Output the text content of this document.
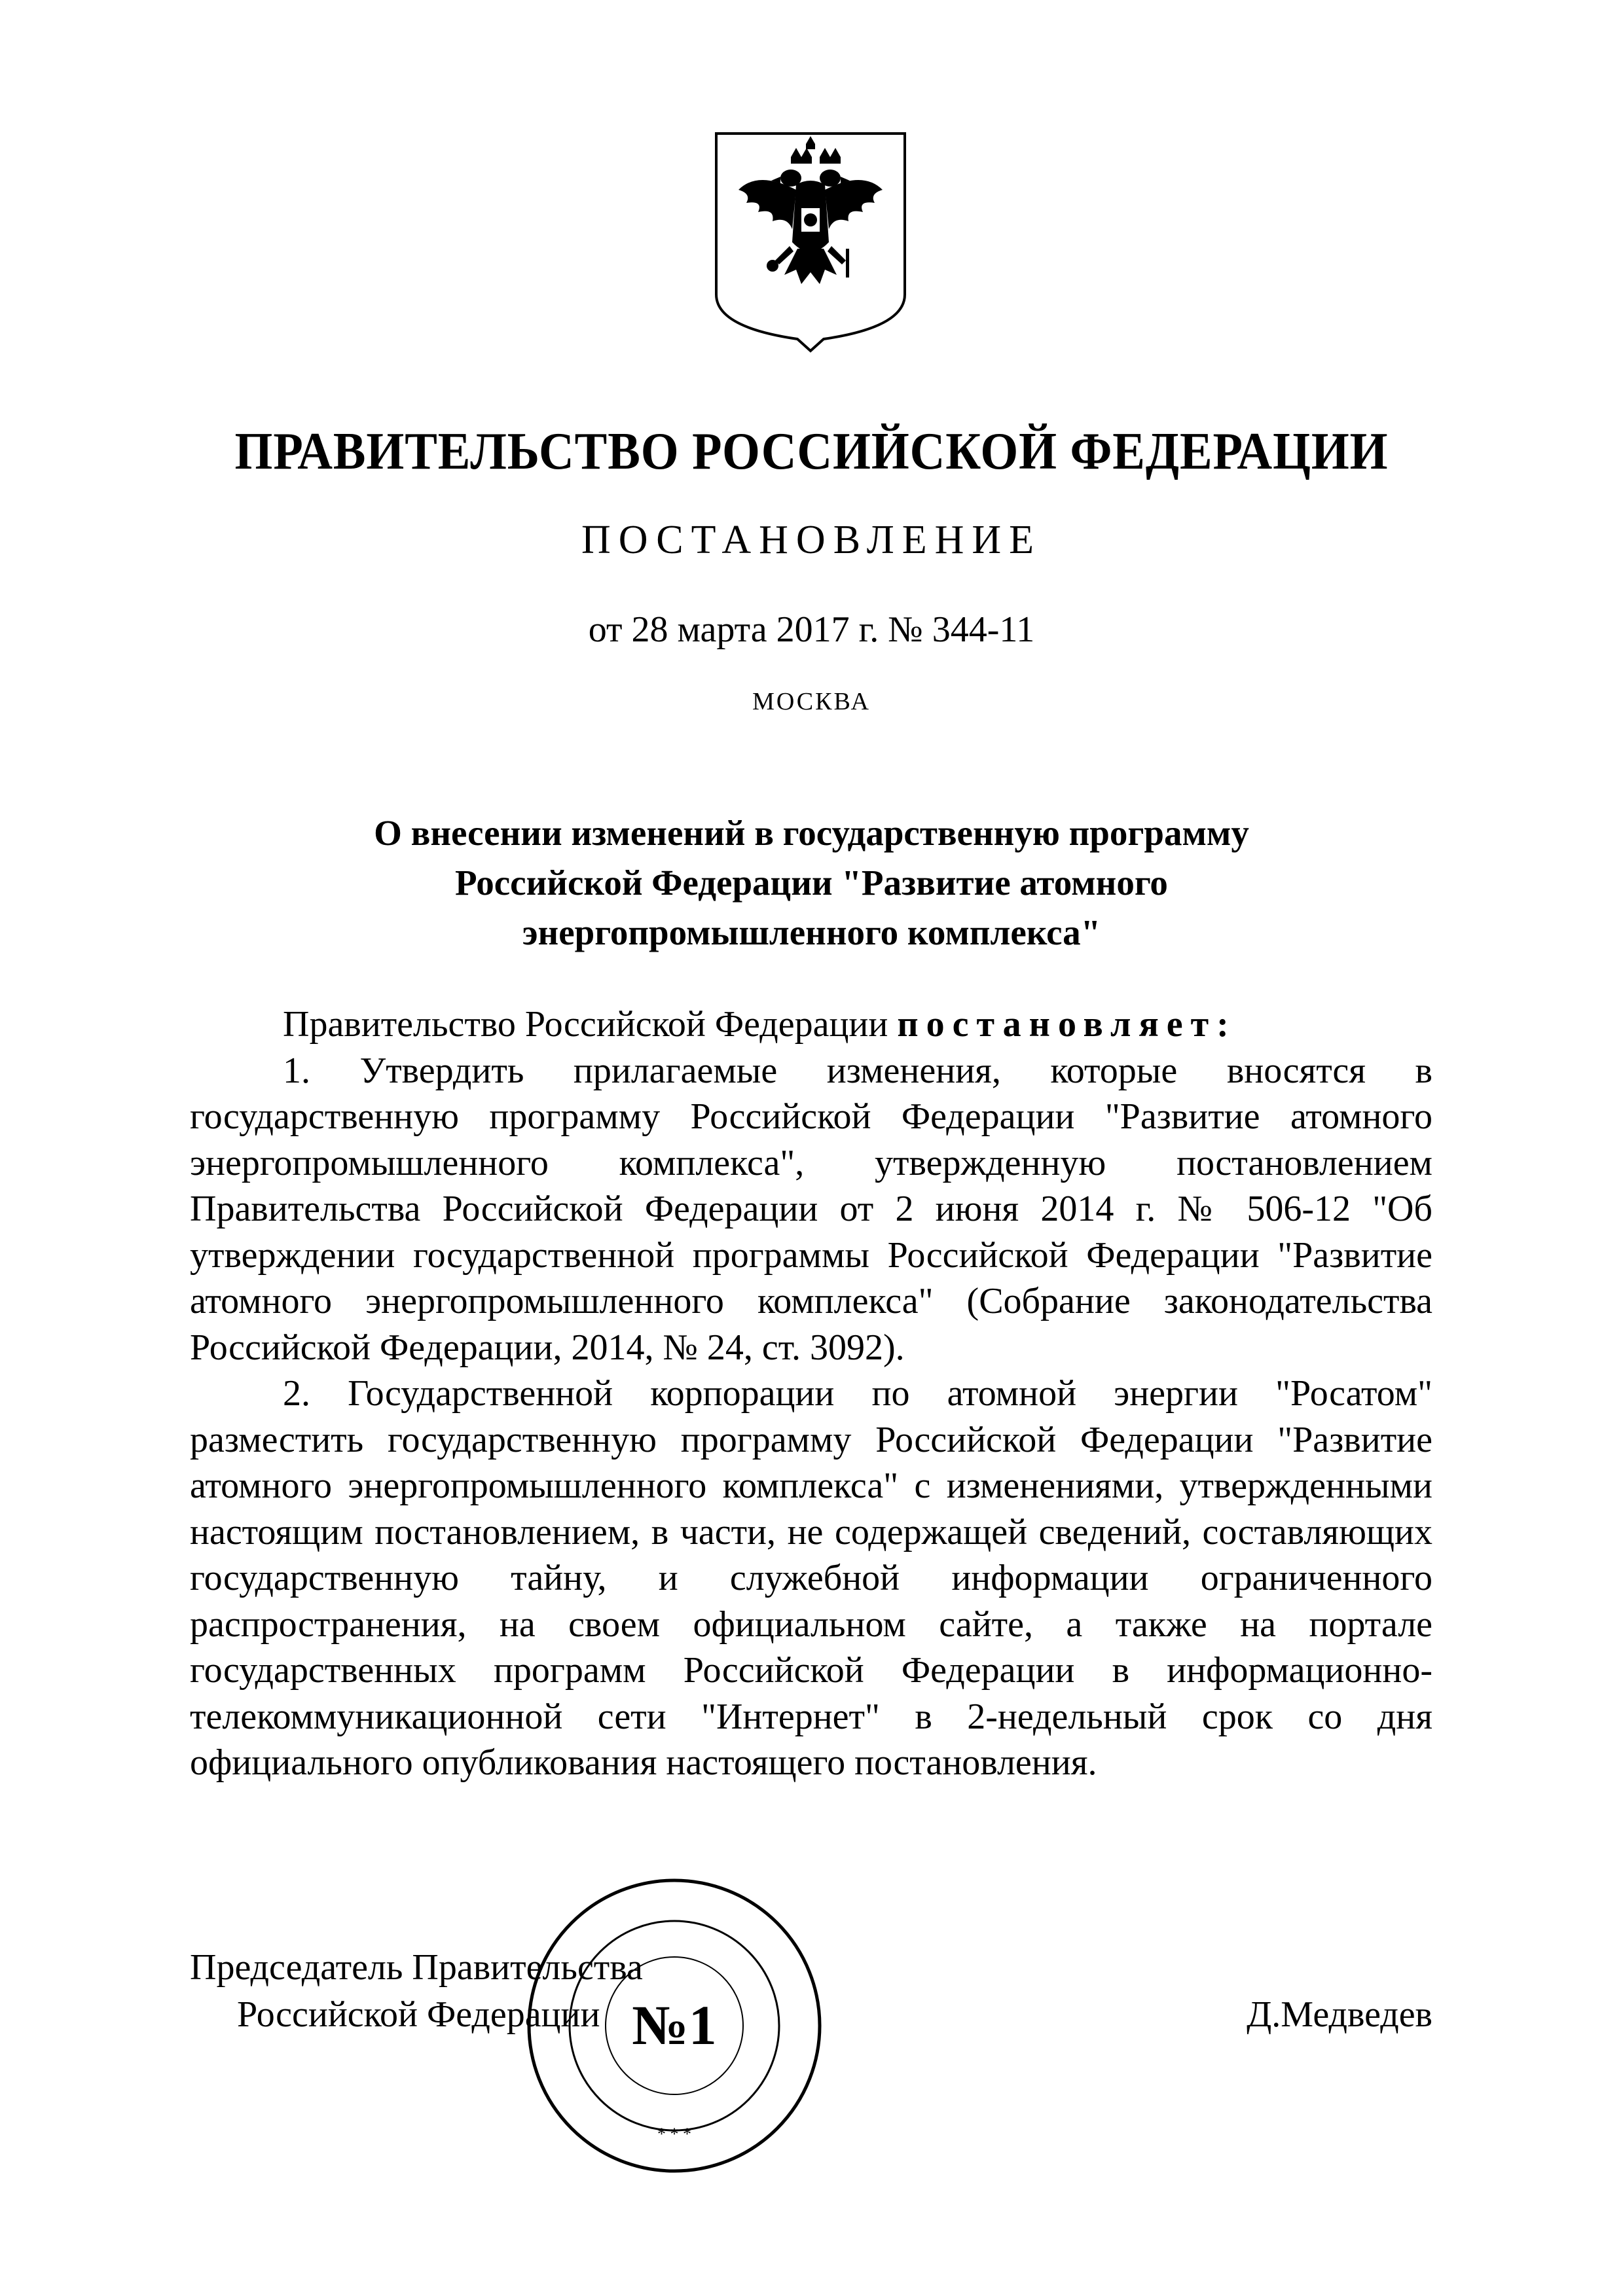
ПРАВИТЕЛЬСТВО РОССИЙСКОЙ ФЕДЕРАЦИИ
ПОСТАНОВЛЕНИЕ
от 28 марта 2017 г. № 344-11
МОСКВА
О внесении изменений в государственную программу
Российской Федерации "Развитие атомного
энергопромышленного комплекса"

Правительство Российской Федерации постановляет:

1. Утвердить прилагаемые изменения, которые вносятся в государственную программу Российской Федерации "Развитие атомного энергопромышленного комплекса", утвержденную постановлением Правительства Российской Федерации от 2 июня 2014 г. № 506-12 "Об утверждении государственной программы Российской Федерации "Развитие атомного энергопромышленного комплекса" (Собрание законодательства Российской Федерации, 2014, № 24, ст. 3092).

2. Государственной корпорации по атомной энергии "Росатом" разместить государственную программу Российской Федерации "Развитие атомного энергопромышленного комплекса" с изменениями, утвержденными настоящим постановлением, в части, не содержащей сведений, составляющих государственную тайну, и служебной информации ограниченного распространения, на своем официальном сайте, а также на портале государственных программ Российской Федерации в информационно-телекоммуникационной сети "Интернет" в 2-недельный срок со дня официального опубликования настоящего постановления.

Председатель Правительства
Российской Федерации	Д.Медведев
№1
* * *
